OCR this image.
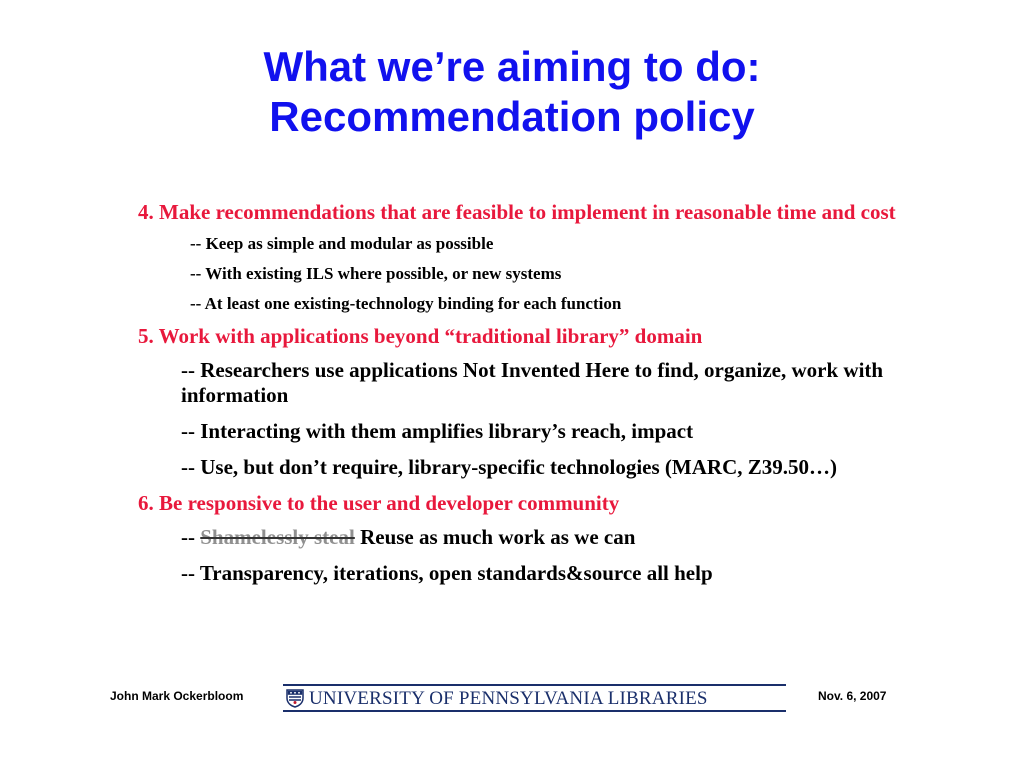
What we’re aiming to do:
Recommendation policy
4. Make recommendations that are feasible to implement in reasonable time and cost
-- Keep as simple and modular as possible
-- With existing ILS where possible, or new systems
-- At least one existing-technology binding for each function
5. Work with applications beyond “traditional library” domain
-- Researchers use applications Not Invented Here to find, organize, work with information
-- Interacting with them amplifies library’s reach, impact
-- Use, but don’t require, library-specific technologies (MARC, Z39.50…)
6. Be responsive to the user and developer community
-- Shamelessly steal Reuse as much work as we can
-- Transparency, iterations, open standards&source all help
John Mark Ockerbloom	UNIVERSITY OF PENNSYLVANIA LIBRARIES	Nov. 6, 2007
